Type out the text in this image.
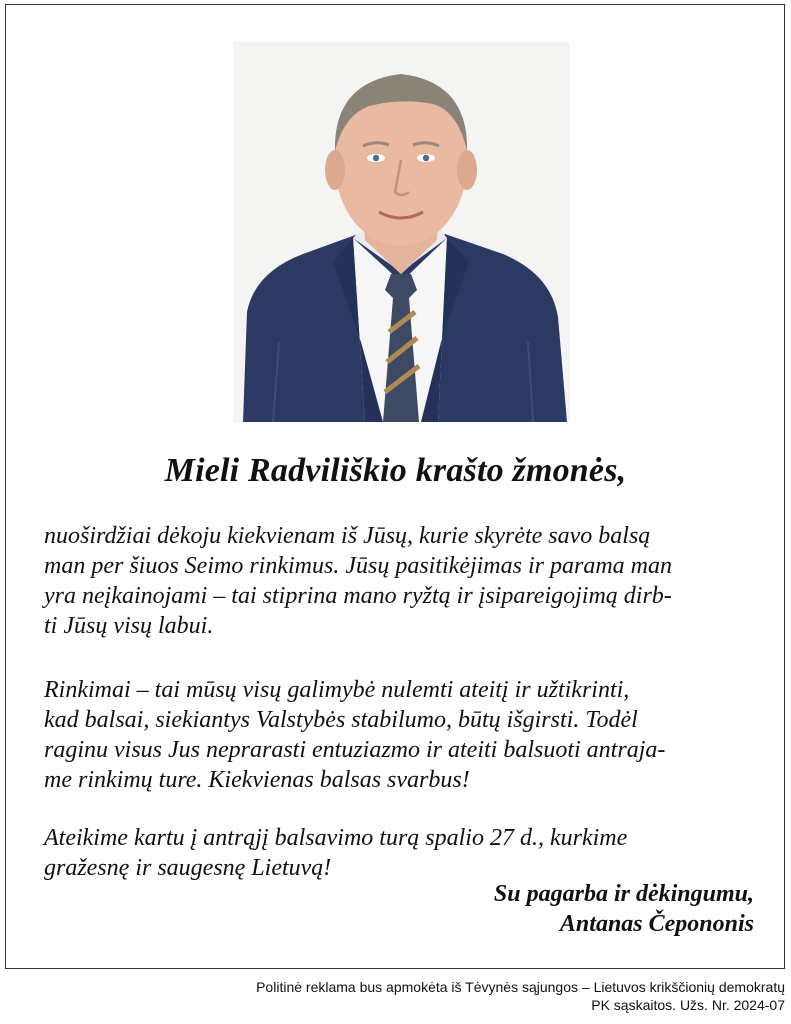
Mieli Radviliškio krašto žmonės,
nuoširdžiai dėkoju kiekvienam iš Jūsų, kurie skyrėte savo balsą
man per šiuos Seimo rinkimus. Jūsų pasitikėjimas ir parama man
yra neįkainojami – tai stiprina mano ryžtą ir įsipareigojimą dirb-
ti Jūsų visų labui.
Rinkimai – tai mūsų visų galimybė nulemti ateitį ir užtikrinti,
kad balsai, siekiantys Valstybės stabilumo, būtų išgirsti. Todėl
raginu visus Jus neprarasti entuziazmo ir ateiti balsuoti antraja-
me rinkimų ture. Kiekvienas balsas svarbus!
Ateikime kartu į antrąjį balsavimo turą spalio 27 d., kurkime
gražesnę ir saugesnę Lietuvą!
Su pagarba ir dėkingumu,
Antanas Čepononis
Politinė reklama bus apmokėta iš Tėvynės sąjungos – Lietuvos krikščionių demokratų
PK sąskaitos. Užs. Nr. 2024-07
